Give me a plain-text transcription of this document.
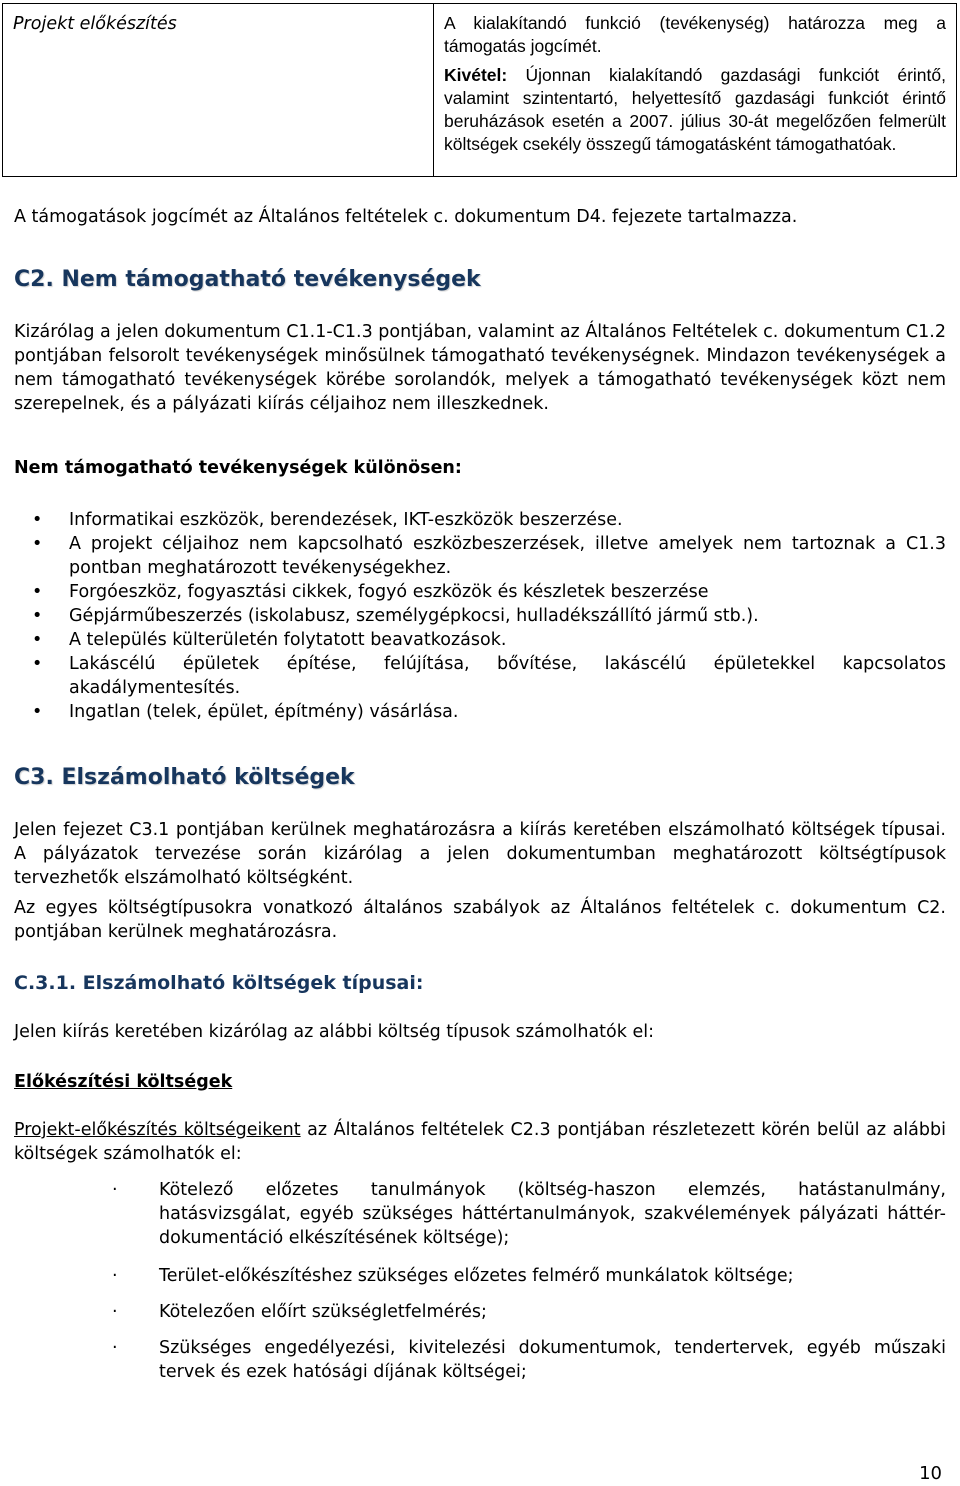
Projekt előkészítés	A kialakítandó funkció (tevékenység) határozza meg a támogatás jogcímét.

Kivétel: Újonnan kialakítandó gazdasági funkciót érintő, valamint szintentartó, helyettesítő gazdasági funkciót érintő beruházások esetén a 2007. július 30-át megelőzően felmerült költségek csekély összegű támogatásként támogathatóak.

A támogatások jogcímét az Általános feltételek c. dokumentum D4. fejezete tartalmazza.

C2. Nem támogatható tevékenységek

Kizárólag a jelen dokumentum C1.1-C1.3 pontjában, valamint az Általános Feltételek c. dokumentum C1.2 pontjában felsorolt tevékenységek minősülnek támogatható tevékenységnek. Mindazon tevékenységek a nem támogatható tevékenységek körébe sorolandók, melyek a támogatható tevékenységek közt nem szerepelnek, és a pályázati kiírás céljaihoz nem illeszkednek.

Nem támogatható tevékenységek különösen:

• Informatikai eszközök, berendezések, IKT-eszközök beszerzése.
• A projekt céljaihoz nem kapcsolható eszközbeszerzések, illetve amelyek nem tartoznak a C1.3 pontban meghatározott tevékenységekhez.
• Forgóeszköz, fogyasztási cikkek, fogyó eszközök és készletek beszerzése
• Gépjárműbeszerzés (iskolabusz, személygépkocsi, hulladékszállító jármű stb.).
• A település külterületén folytatott beavatkozások.
• Lakáscélú épületek építése, felújítása, bővítése, lakáscélú épületekkel kapcsolatos akadálymentesítés.
• Ingatlan (telek, épület, építmény) vásárlása.
C3. Elszámolható költségek

Jelen fejezet C3.1 pontjában kerülnek meghatározásra a kiírás keretében elszámolható költségek típusai. A pályázatok tervezése során kizárólag a jelen dokumentumban meghatározott költségtípusok tervezhetők elszámolható költségként.

Az egyes költségtípusokra vonatkozó általános szabályok az Általános feltételek c. dokumentum C2. pontjában kerülnek meghatározásra.

C.3.1. Elszámolható költségek típusai:

Jelen kiírás keretében kizárólag az alábbi költség típusok számolhatók el:

Előkészítési költségek

Projekt-előkészítés költségeikent az Általános feltételek C2.3 pontjában részletezett körén belül az alábbi költségek számolhatók el:

· Kötelező előzetes tanulmányok (költség-haszon elemzés, hatástanulmány, hatásvizsgálat, egyéb szükséges háttértanulmányok, szakvélemények pályázati háttér-dokumentáció elkészítésének költsége);
· Terület-előkészítéshez szükséges előzetes felmérő munkálatok költsége;
· Kötelezően előírt szükségletfelmérés;
· Szükséges engedélyezési, kivitelezési dokumentumok, tendertervek, egyéb műszaki tervek és ezek hatósági díjának költségei;
10
